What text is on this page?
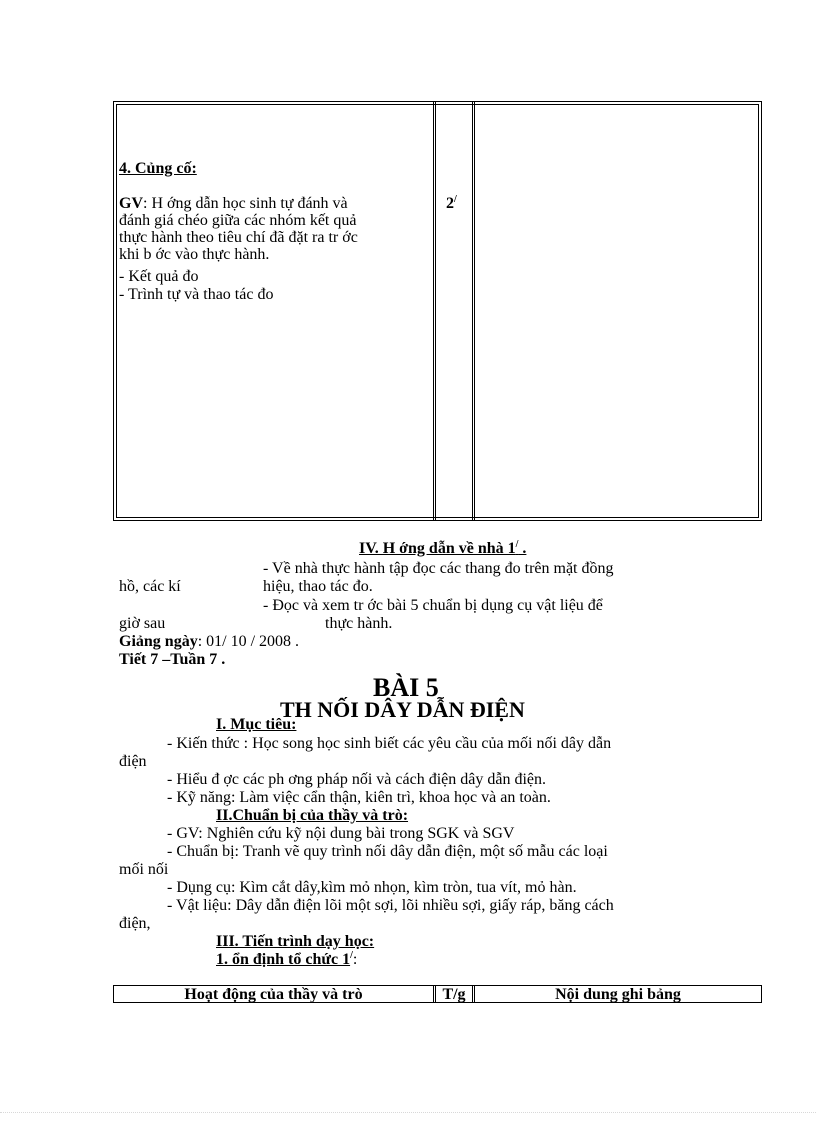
4. Củng cố:
GV: H ớng dẫn học sinh tự đánh và
đánh giá chéo giữa các nhóm kết quả
thực hành theo tiêu chí đã đặt ra tr ớc
khi b ớc vào thực hành.
- Kết quả đo
- Trình tự và thao tác đo
2/
IV. H ớng dẫn về nhà 1/ .
- Về nhà thực hành tập đọc các thang đo trên mặt đồng
hồ, các kí	hiệu, thao tác đo.
- Đọc và xem tr ớc bài 5 chuẩn bị dụng cụ vật liệu để
giờ sau	thực hành.
Giảng ngày: 01/ 10 / 2008 .
Tiết 7 –Tuần 7 .
BÀI 5
TH NỐI DÂY DẪN ĐIỆN
I. Mục tiêu:
- Kiến thức : Học song học sinh biết các yêu cầu của mối nối dây dẫn
điện
- Hiểu đ ợc các ph ơng pháp nối và cách điện dây dẫn điện.
- Kỹ năng: Làm việc cẩn thận, kiên trì, khoa học và an toàn.
II.Chuẩn bị của thầy và trò:
- GV: Nghiên cứu kỹ nội dung bài trong SGK và SGV
- Chuẩn bị: Tranh vẽ quy trình nối dây dẫn điện, một số mẫu các loại
mối nối
- Dụng cụ: Kìm cắt dây,kìm mỏ nhọn, kìm tròn, tua vít, mỏ hàn.
- Vật liệu: Dây dẫn điện lõi một sợi, lõi nhiều sợi, giấy ráp, băng cách
điện,
III. Tiến trình dạy học:
1. ổn định tổ chức 1/:
Hoạt động của thầy và trò	T/g	Nội dung ghi bảng
